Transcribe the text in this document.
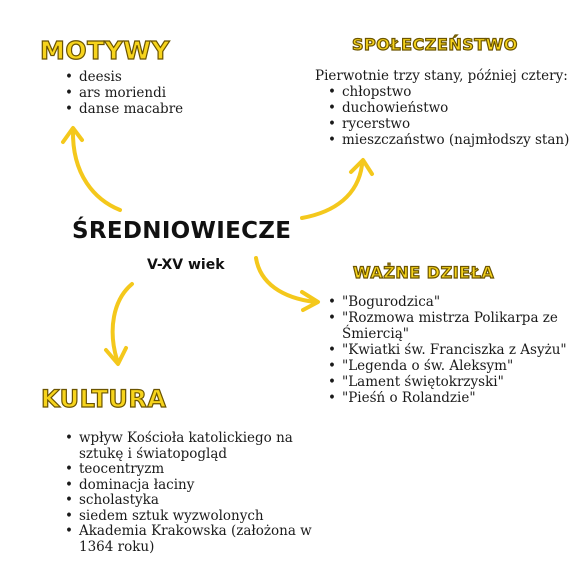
MOTYWY
• deesis
• ars moriendi
• danse macabre
SPOŁECZEŃSTWO
Pierwotnie trzy stany, później cztery:
• chłopstwo
• duchowieństwo
• rycerstwo
• mieszczaństwo (najmłodszy stan)
ŚREDNIOWIECZE
V-XV wiek	WAŻNE DZIEŁA
• "Bogurodzica"
• "Rozmowa mistrza Polikarpa ze Śmiercią"
• "Kwiatki św. Franciszka z Asyżu"
• "Legenda o św. Aleksym"
• "Lament świętokrzyski"
• "Pieśń o Rolandzie"
KULTURA
• wpływ Kościoła katolickiego na sztukę i światopogląd
• teocentryzm
• dominacja łaciny
• scholastyka
• siedem sztuk wyzwolonych
• Akademia Krakowska (założona w 1364 roku)
